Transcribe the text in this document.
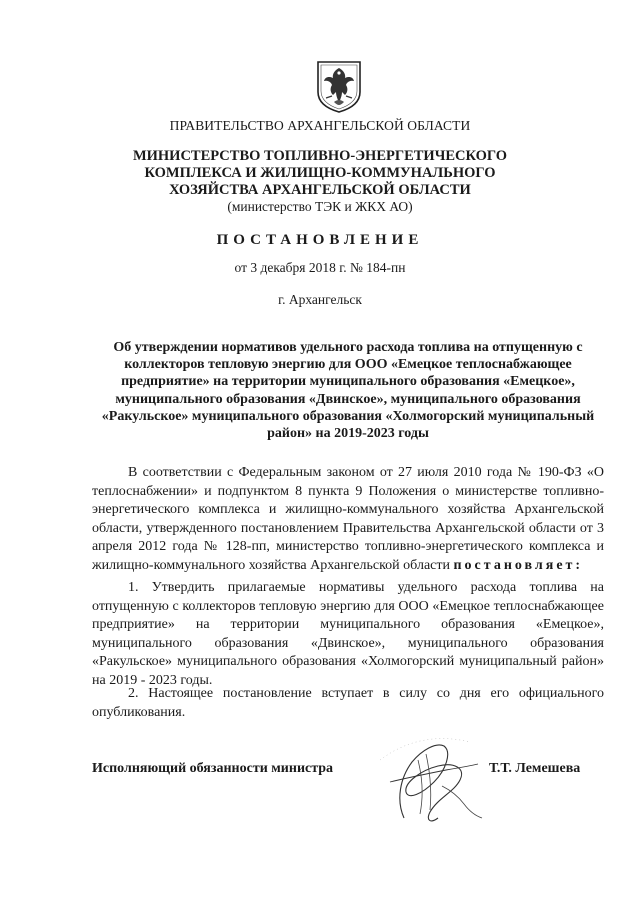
ПРАВИТЕЛЬСТВО АРХАНГЕЛЬСКОЙ ОБЛАСТИ
МИНИСТЕРСТВО ТОПЛИВНО-ЭНЕРГЕТИЧЕСКОГО
КОМПЛЕКСА И ЖИЛИЩНО-КОММУНАЛЬНОГО
ХОЗЯЙСТВА АРХАНГЕЛЬСКОЙ ОБЛАСТИ
(министерство ТЭК и ЖКХ АО)
ПОСТАНОВЛЕНИЕ
от 3 декабря 2018 г. № 184-пн
г. Архангельск
Об утверждении нормативов удельного расхода топлива на отпущенную с коллекторов тепловую энергию для ООО «Емецкое теплоснабжающее предприятие» на территории муниципального образования «Емецкое», муниципального образования «Двинское», муниципального образования «Ракульское» муниципального образования «Холмогорский муниципальный район» на 2019-2023 годы
В соответствии с Федеральным законом от 27 июля 2010 года № 190-ФЗ «О теплоснабжении» и подпунктом 8 пункта 9 Положения о министерстве топливно-энергетического комплекса и жилищно-коммунального хозяйства Архангельской области, утвержденного постановлением Правительства Архангельской области от 3 апреля 2012 года № 128-пп, министерство топливно-энергетического комплекса и жилищно-коммунального хозяйства Архангельской области постановляет:
1. Утвердить прилагаемые нормативы удельного расхода топлива на отпущенную с коллекторов тепловую энергию для ООО «Емецкое теплоснабжающее предприятие» на территории муниципального образования «Емецкое», муниципального образования «Двинское», муниципального образования «Ракульское» муниципального образования «Холмогорский муниципальный район» на 2019 - 2023 годы.
2. Настоящее постановление вступает в силу со дня его официального опубликования.
Исполняющий обязанности министра	Т.Т. Лемешева
